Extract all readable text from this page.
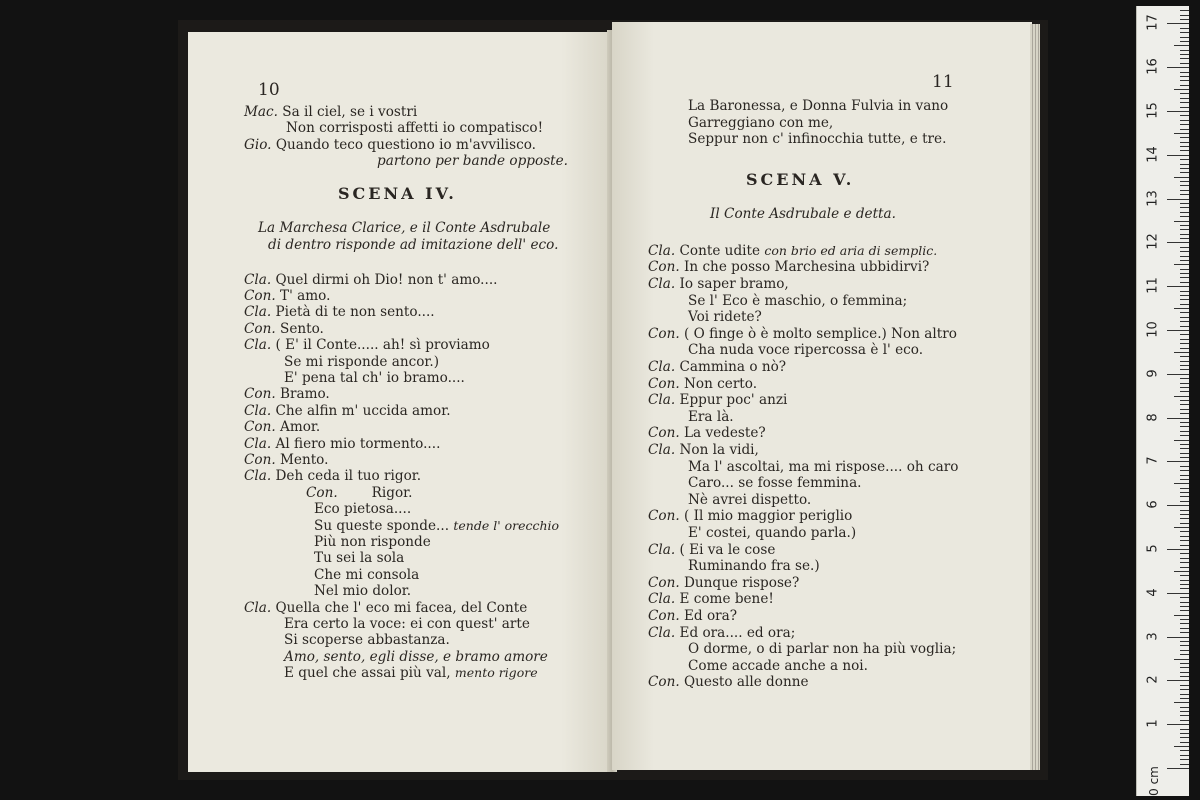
10
Mac. Sa il ciel, se i vostri
Non corrisposti affetti io compatisco!
Gio. Quando teco questiono io m'avvilisco.
partono per bande opposte.
SCENA IV.
La Marchesa Clarice, e il Conte Asdrubale
di dentro risponde ad imitazione dell' eco.
Cla. Quel dirmi oh Dio! non t' amo....
Con. T' amo.
Cla. Pietà di te non sento....
Con. Sento.
Cla. ( E' il Conte..... ah! sì proviamo
Se mi risponde ancor.)
E' pena tal ch' io bramo....
Con. Bramo.
Cla. Che alfin m' uccida amor.
Con. Amor.
Cla. Al fiero mio tormento....
Con. Mento.
Cla. Deh ceda il tuo rigor.
Con.    Rigor.
Eco pietosa....
Su queste sponde... tende l' orecchio
Più non risponde
Tu sei la sola
Che mi consola
Nel mio dolor.
Cla. Quella che l' eco mi facea, del Conte
Era certo la voce: ei con quest' arte
Si scoperse abbastanza.
Amo, sento, egli disse, e bramo amore
E quel che assai più val, mento rigore
11
La Baronessa, e Donna Fulvia in vano
Garreggiano con me,
Seppur non c' infinocchia tutte, e tre.
SCENA V.
Il Conte Asdrubale e detta.
Cla. Conte udite con brio ed aria di semplic.
Con. In che posso Marchesina ubbidirvi?
Cla. Io saper bramo,
Se l' Eco è maschio, o femmina;
Voi ridete?
Con. ( O finge ò è molto semplice.) Non altro
Cha nuda voce ripercossa è l' eco.
Cla. Cammina o nò?
Con. Non certo.
Cla. Eppur poc' anzi
Era là.
Con. La vedeste?
Cla. Non la vidi,
Ma l' ascoltai, ma mi rispose.... oh caro
Caro... se fosse femmina.
Nè avrei dispetto.
Con. ( Il mio maggior periglio
E' costei, quando parla.)
Cla. ( Ei va le cose
Ruminando fra se.)
Con. Dunque rispose?
Cla. E come bene!
Con. Ed ora?
Cla. Ed ora.... ed ora;
O dorme, o di parlar non ha più voglia;
Come accade anche a noi.
Con. Questo alle donne
0 cm
1
2
3
4
5
6
7
8
9
10
11
12
13
14
15
16
17
